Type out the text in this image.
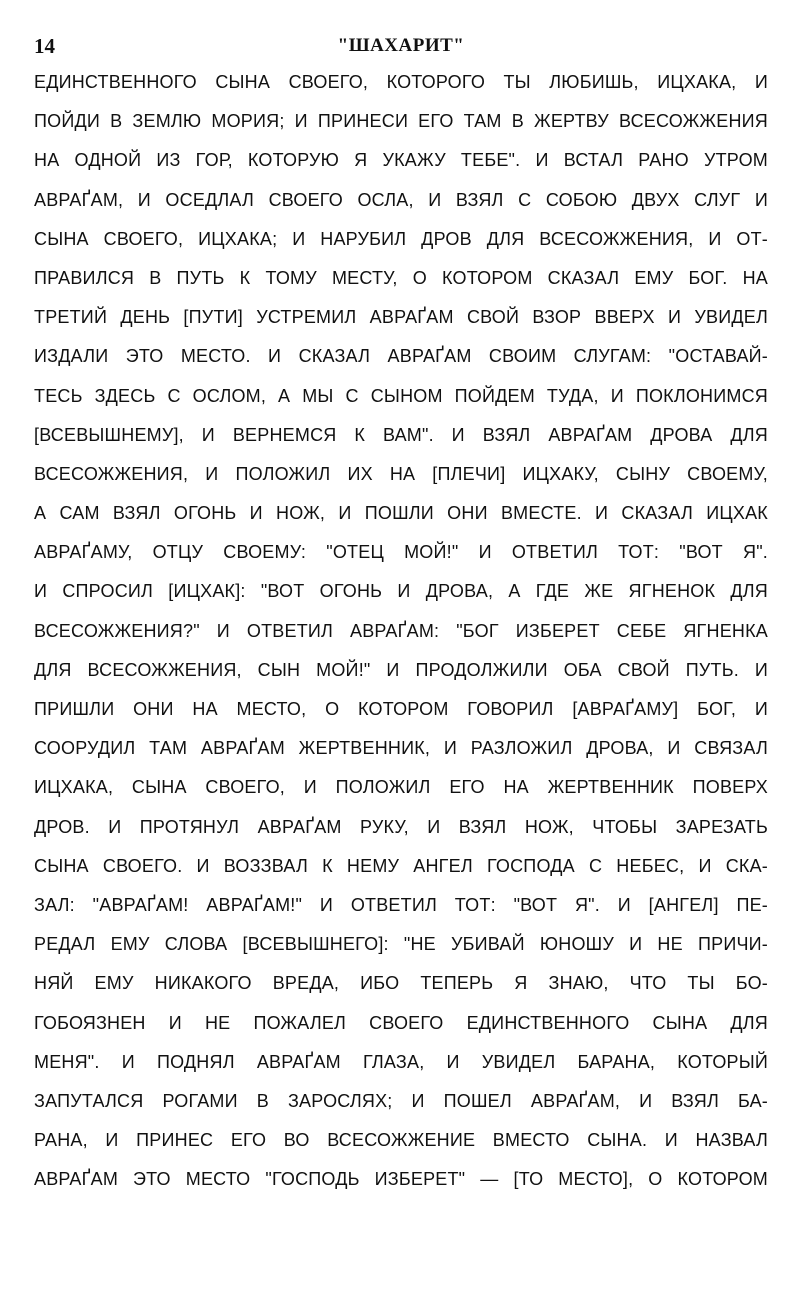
14	"ШАХАРИТ"
ЕДИНСТВЕННОГО СЫНА СВОЕГО, КОТОРОГО ТЫ ЛЮБИШЬ, ИЦХАКА, И
ПОЙДИ В ЗЕМЛЮ МОРИЯ; И ПРИНЕСИ ЕГО ТАМ В ЖЕРТВУ ВСЕСОЖЖЕНИЯ
НА ОДНОЙ ИЗ ГОР, КОТОРУЮ Я УКАЖУ ТЕБЕ". И ВСТАЛ РАНО УТРОМ
АВРАҐАМ, И ОСЕДЛАЛ СВОЕГО ОСЛА, И ВЗЯЛ С СОБОЮ ДВУХ СЛУГ И
СЫНА СВОЕГО, ИЦХАКА; И НАРУБИЛ ДРОВ ДЛЯ ВСЕСОЖЖЕНИЯ, И ОТ-
ПРАВИЛСЯ В ПУТЬ К ТОМУ МЕСТУ, О КОТОРОМ СКАЗАЛ ЕМУ БОГ. НА
ТРЕТИЙ ДЕНЬ [ПУТИ] УСТРЕМИЛ АВРАҐАМ СВОЙ ВЗОР ВВЕРХ И УВИДЕЛ
ИЗДАЛИ ЭТО МЕСТО. И СКАЗАЛ АВРАҐАМ СВОИМ СЛУГАМ: "ОСТАВАЙ-
ТЕСЬ ЗДЕСЬ С ОСЛОМ, А МЫ С СЫНОМ ПОЙДЕМ ТУДА, И ПОКЛОНИМСЯ
[ВСЕВЫШНЕМУ], И ВЕРНЕМСЯ К ВАМ". И ВЗЯЛ АВРАҐАМ ДРОВА ДЛЯ
ВСЕСОЖЖЕНИЯ, И ПОЛОЖИЛ ИХ НА [ПЛЕЧИ] ИЦХАКУ, СЫНУ СВОЕМУ,
А САМ ВЗЯЛ ОГОНЬ И НОЖ, И ПОШЛИ ОНИ ВМЕСТЕ. И СКАЗАЛ ИЦХАК
АВРАҐАМУ, ОТЦУ СВОЕМУ: "ОТЕЦ МОЙ!" И ОТВЕТИЛ ТОТ: "ВОТ Я".
И СПРОСИЛ [ИЦХАК]: "ВОТ ОГОНЬ И ДРОВА, А ГДЕ ЖЕ ЯГНЕНОК ДЛЯ
ВСЕСОЖЖЕНИЯ?" И ОТВЕТИЛ АВРАҐАМ: "БОГ ИЗБЕРЕТ СЕБЕ ЯГНЕНКА
ДЛЯ ВСЕСОЖЖЕНИЯ, СЫН МОЙ!" И ПРОДОЛЖИЛИ ОБА СВОЙ ПУТЬ. И
ПРИШЛИ ОНИ НА МЕСТО, О КОТОРОМ ГОВОРИЛ [АВРАҐАМУ] БОГ, И
СООРУДИЛ ТАМ АВРАҐАМ ЖЕРТВЕННИК, И РАЗЛОЖИЛ ДРОВА, И СВЯЗАЛ
ИЦХАКА, СЫНА СВОЕГО, И ПОЛОЖИЛ ЕГО НА ЖЕРТВЕННИК ПОВЕРХ
ДРОВ. И ПРОТЯНУЛ АВРАҐАМ РУКУ, И ВЗЯЛ НОЖ, ЧТОБЫ ЗАРЕЗАТЬ
СЫНА СВОЕГО. И ВОЗЗВАЛ К НЕМУ АНГЕЛ ГОСПОДА С НЕБЕС, И СКА-
ЗАЛ: "АВРАҐАМ! АВРАҐАМ!" И ОТВЕТИЛ ТОТ: "ВОТ Я". И [АНГЕЛ] ПЕ-
РЕДАЛ ЕМУ СЛОВА [ВСЕВЫШНЕГО]: "НЕ УБИВАЙ ЮНОШУ И НЕ ПРИЧИ-
НЯЙ ЕМУ НИКАКОГО ВРЕДА, ИБО ТЕПЕРЬ Я ЗНАЮ, ЧТО ТЫ БО-
ГОБОЯЗНЕН И НЕ ПОЖАЛЕЛ СВОЕГО ЕДИНСТВЕННОГО СЫНА ДЛЯ
МЕНЯ". И ПОДНЯЛ АВРАҐАМ ГЛАЗА, И УВИДЕЛ БАРАНА, КОТОРЫЙ
ЗАПУТАЛСЯ РОГАМИ В ЗАРОСЛЯХ; И ПОШЕЛ АВРАҐАМ, И ВЗЯЛ БА-
РАНА, И ПРИНЕС ЕГО ВО ВСЕСОЖЖЕНИЕ ВМЕСТО СЫНА. И НАЗВАЛ
АВРАҐАМ ЭТО МЕСТО "ГОСПОДЬ ИЗБЕРЕТ" — [ТО МЕСТО], О КОТОРОМ
